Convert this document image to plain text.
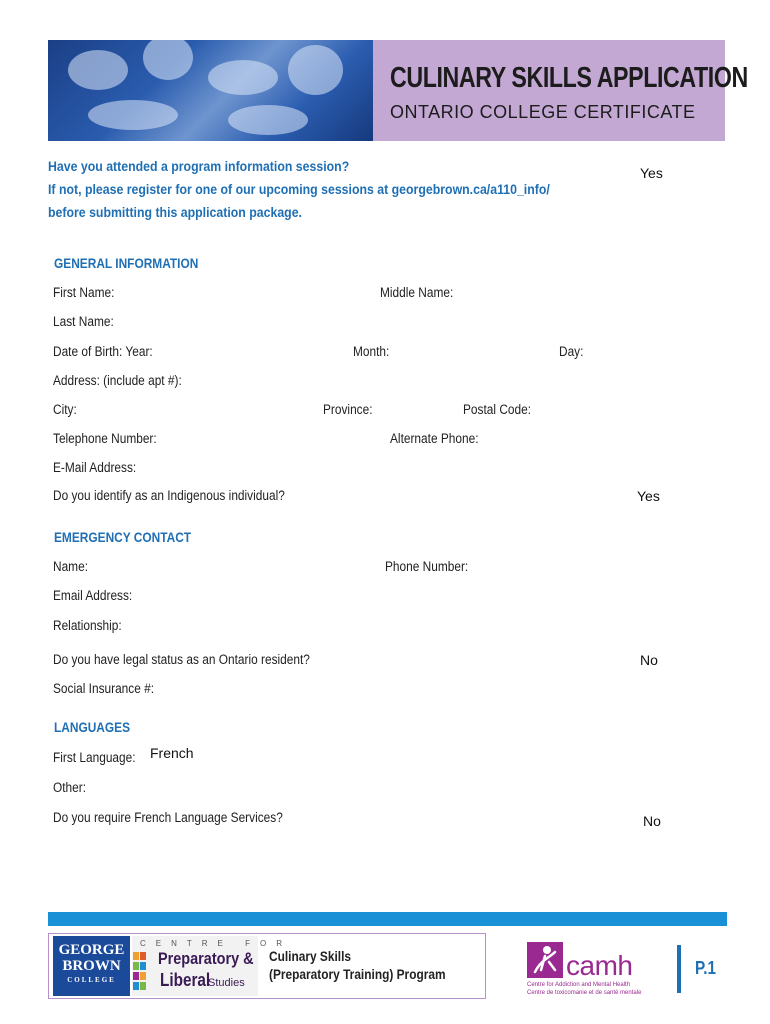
CULINARY SKILLS APPLICATION
ONTARIO COLLEGE CERTIFICATE
Have you attended a program information session?
If not, please register for one of our upcoming sessions at georgebrown.ca/a110_info/
before submitting this application package.
Yes
GENERAL INFORMATION
First Name:	Middle Name:
Last Name:
Date of Birth: Year:	Month:	Day:
Address: (include apt #):
City:	Province:	Postal Code:
Telephone Number:	Alternate Phone:
E-Mail Address:
Do you identify as an Indigenous individual?	Yes
EMERGENCY CONTACT
Name:	Phone Number:
Email Address:
Relationship:
Do you have legal status as an Ontario resident?	No
Social Insurance #:
LANGUAGES
First Language: French
Other:
Do you require French Language Services?	No
GEORGE
BROWN
COLLEGE
CENTRE FOR
Preparatory &
Liberal
Studies
Culinary Skills
(Preparatory Training) Program	camh
Centre for Addiction and Mental Health
Centre de toxicomanie et de santé mentale
P.1
